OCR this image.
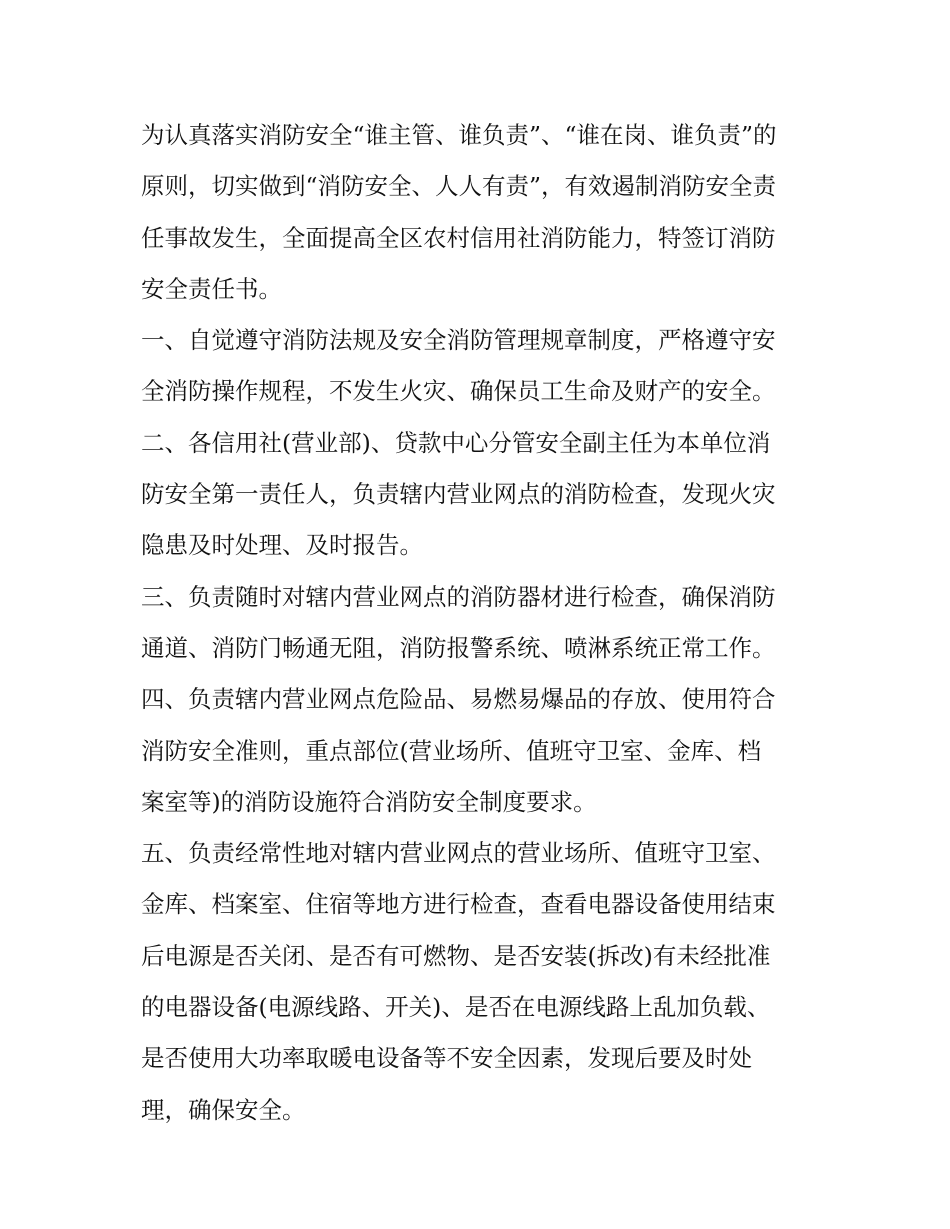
为认真落实消防安全“谁主管、谁负责”、“谁在岗、谁负责”的
原则，切实做到“消防安全、人人有责”，有效遏制消防安全责
任事故发生，全面提高全区农村信用社消防能力，特签订消防
安全责任书。
一、自觉遵守消防法规及安全消防管理规章制度，严格遵守安
全消防操作规程，不发生火灾、确保员工生命及财产的安全。
二、各信用社(营业部)、贷款中心分管安全副主任为本单位消
防安全第一责任人，负责辖内营业网点的消防检查，发现火灾
隐患及时处理、及时报告。
三、负责随时对辖内营业网点的消防器材进行检查，确保消防
通道、消防门畅通无阻，消防报警系统、喷淋系统正常工作。
四、负责辖内营业网点危险品、易燃易爆品的存放、使用符合
消防安全准则，重点部位(营业场所、值班守卫室、金库、档
案室等)的消防设施符合消防安全制度要求。
五、负责经常性地对辖内营业网点的营业场所、值班守卫室、
金库、档案室、住宿等地方进行检查，查看电器设备使用结束
后电源是否关闭、是否有可燃物、是否安装(拆改)有未经批准
的电器设备(电源线路、开关)、是否在电源线路上乱加负载、
是否使用大功率取暖电设备等不安全因素，发现后要及时处
理，确保安全。
